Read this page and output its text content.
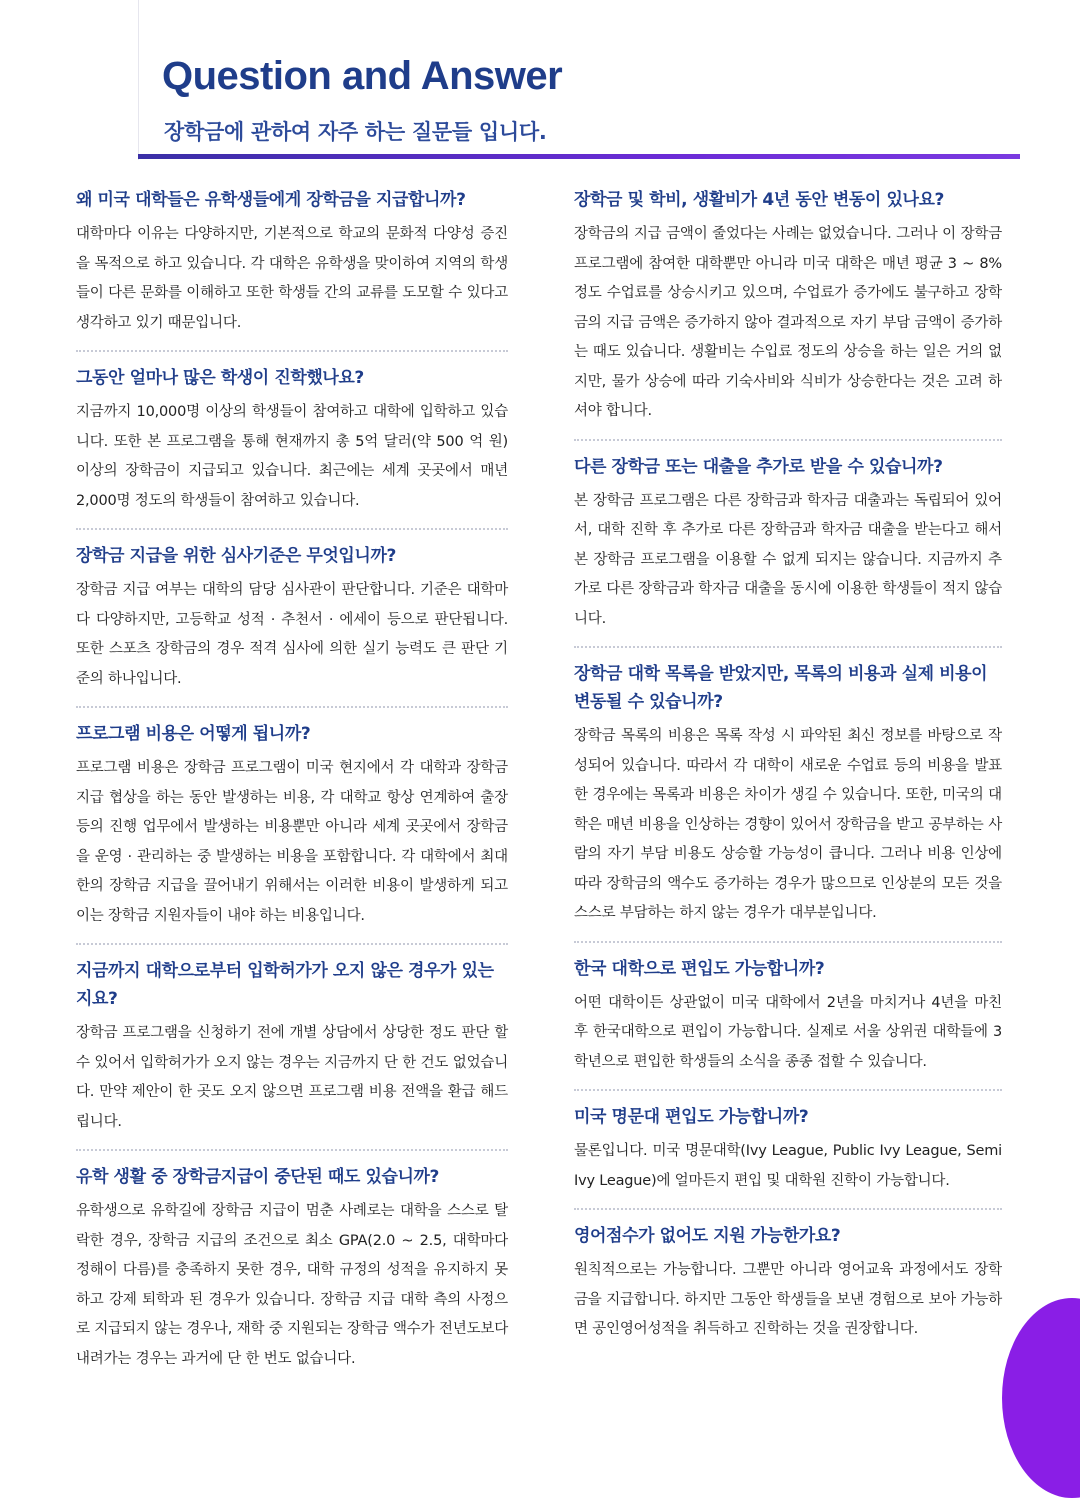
Question and Answer
장학금에 관하여 자주 하는 질문들 입니다.
왜 미국 대학들은 유학생들에게 장학금을 지급합니까?

대학마다 이유는 다양하지만, 기본적으로 학교의 문화적 다양성 증진을 목적으로 하고 있습니다. 각 대학은 유학생을 맞이하여 지역의 학생들이 다른 문화를 이해하고 또한 학생들 간의 교류를 도모할 수 있다고 생각하고 있기 때문입니다.

그동안 얼마나 많은 학생이 진학했나요?

지금까지 10,000명 이상의 학생들이 참여하고 대학에 입학하고 있습니다. 또한 본 프로그램을 통해 현재까지 총 5억 달러(약 500 억 원) 이상의 장학금이 지급되고 있습니다. 최근에는 세계 곳곳에서 매년 2,000명 정도의 학생들이 참여하고 있습니다.

장학금 지급을 위한 심사기준은 무엇입니까?

장학금 지급 여부는 대학의 담당 심사관이 판단합니다. 기준은 대학마다 다양하지만, 고등학교 성적 · 추천서 · 에세이 등으로 판단됩니다. 또한 스포츠 장학금의 경우 적격 심사에 의한 실기 능력도 큰 판단 기준의 하나입니다.

프로그램 비용은 어떻게 됩니까?

프로그램 비용은 장학금 프로그램이 미국 현지에서 각 대학과 장학금 지급 협상을 하는 동안 발생하는 비용, 각 대학교 항상 연계하여 출장 등의 진행 업무에서 발생하는 비용뿐만 아니라 세계 곳곳에서 장학금을 운영 · 관리하는 중 발생하는 비용을 포함합니다. 각 대학에서 최대한의 장학금 지급을 끌어내기 위해서는 이러한 비용이 발생하게 되고 이는 장학금 지원자들이 내야 하는 비용입니다.

지금까지 대학으로부터 입학허가가 오지 않은 경우가 있는지요?

장학금 프로그램을 신청하기 전에 개별 상담에서 상당한 정도 판단 할 수 있어서 입학허가가 오지 않는 경우는 지금까지 단 한 건도 없었습니다. 만약 제안이 한 곳도 오지 않으면 프로그램 비용 전액을 환급 해드립니다.

유학 생활 중 장학금지급이 중단된 때도 있습니까?

유학생으로 유학길에 장학금 지급이 멈춘 사례로는 대학을 스스로 탈락한 경우, 장학금 지급의 조건으로 최소 GPA(2.0 ~ 2.5, 대학마다 정해이 다름)를 충족하지 못한 경우, 대학 규정의 성적을 유지하지 못하고 강제 퇴학과 된 경우가 있습니다. 장학금 지급 대학 측의 사정으로 지급되지 않는 경우나, 재학 중 지원되는 장학금 액수가 전년도보다 내려가는 경우는 과거에 단 한 번도 없습니다.

장학금 및 학비, 생활비가 4년 동안 변동이 있나요?

장학금의 지급 금액이 줄었다는 사례는 없었습니다. 그러나 이 장학금 프로그램에 참여한 대학뿐만 아니라 미국 대학은 매년 평균 3 ~ 8% 정도 수업료를 상승시키고 있으며, 수업료가 증가에도 불구하고 장학금의 지급 금액은 증가하지 않아 결과적으로 자기 부담 금액이 증가하는 때도 있습니다. 생활비는 수입료 정도의 상승을 하는 일은 거의 없지만, 물가 상승에 따라 기숙사비와 식비가 상승한다는 것은 고려 하셔야 합니다.

다른 장학금 또는 대출을 추가로 받을 수 있습니까?

본 장학금 프로그램은 다른 장학금과 학자금 대출과는 독립되어 있어서, 대학 진학 후 추가로 다른 장학금과 학자금 대출을 받는다고 해서 본 장학금 프로그램을 이용할 수 없게 되지는 않습니다. 지금까지 추가로 다른 장학금과 학자금 대출을 동시에 이용한 학생들이 적지 않습니다.

장학금 대학 목록을 받았지만, 목록의 비용과 실제 비용이 변동될 수 있습니까?

장학금 목록의 비용은 목록 작성 시 파악된 최신 정보를 바탕으로 작성되어 있습니다. 따라서 각 대학이 새로운 수업료 등의 비용을 발표한 경우에는 목록과 비용은 차이가 생길 수 있습니다. 또한, 미국의 대학은 매년 비용을 인상하는 경향이 있어서 장학금을 받고 공부하는 사람의 자기 부담 비용도 상승할 가능성이 큽니다. 그러나 비용 인상에 따라 장학금의 액수도 증가하는 경우가 많으므로 인상분의 모든 것을 스스로 부담하는 하지 않는 경우가 대부분입니다.

한국 대학으로 편입도 가능합니까?

어떤 대학이든 상관없이 미국 대학에서 2년을 마치거나 4년을 마친 후 한국대학으로 편입이 가능합니다. 실제로 서울 상위권 대학들에 3학년으로 편입한 학생들의 소식을 종종 접할 수 있습니다.

미국 명문대 편입도 가능합니까?

물론입니다. 미국 명문대학(Ivy League, Public Ivy League, Semi Ivy League)에 얼마든지 편입 및 대학원 진학이 가능합니다.

영어점수가 없어도 지원 가능한가요?

원칙적으로는 가능합니다. 그뿐만 아니라 영어교육 과정에서도 장학금을 지급합니다. 하지만 그동안 학생들을 보낸 경험으로 보아 가능하면 공인영어성적을 취득하고 진학하는 것을 권장합니다.
